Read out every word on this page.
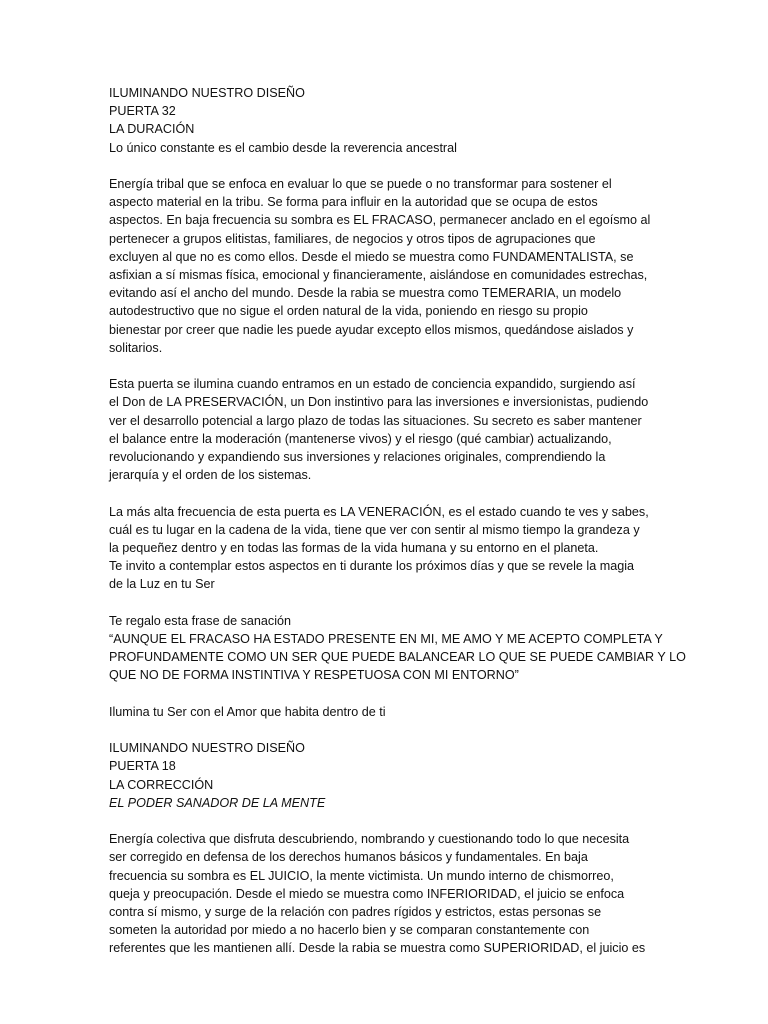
ILUMINANDO NUESTRO DISEÑO
PUERTA 32
LA DURACIÓN
Lo único constante es el cambio desde la reverencia ancestral
Energía tribal que se enfoca en evaluar lo que se puede o no transformar para sostener el
aspecto material en la tribu. Se forma para influir en la autoridad que se ocupa de estos
aspectos. En baja frecuencia su sombra es EL FRACASO, permanecer anclado en el egoísmo al
pertenecer a grupos elitistas, familiares, de negocios y otros tipos de agrupaciones que
excluyen al que no es como ellos. Desde el miedo se muestra como FUNDAMENTALISTA, se
asfixian a sí mismas física, emocional y financieramente, aislándose en comunidades estrechas,
evitando así el ancho del mundo. Desde la rabia se muestra como TEMERARIA, un modelo
autodestructivo que no sigue el orden natural de la vida, poniendo en riesgo su propio
bienestar por creer que nadie les puede ayudar excepto ellos mismos, quedándose aislados y
solitarios.
Esta puerta se ilumina cuando entramos en un estado de conciencia expandido, surgiendo así
el Don de LA PRESERVACIÓN, un Don instintivo para las inversiones e inversionistas, pudiendo
ver el desarrollo potencial a largo plazo de todas las situaciones. Su secreto es saber mantener
el balance entre la moderación (mantenerse vivos) y el riesgo (qué cambiar) actualizando,
revolucionando y expandiendo sus inversiones y relaciones originales, comprendiendo la
jerarquía y el orden de los sistemas.
La más alta frecuencia de esta puerta es LA VENERACIÓN, es el estado cuando te ves y sabes,
cuál es tu lugar en la cadena de la vida, tiene que ver con sentir al mismo tiempo la grandeza y
la pequeñez dentro y en todas las formas de la vida humana y su entorno en el planeta.
Te invito a contemplar estos aspectos en ti durante los próximos días y que se revele la magia
de la Luz en tu Ser
Te regalo esta frase de sanación
“AUNQUE EL FRACASO HA ESTADO PRESENTE EN MI, ME AMO Y ME ACEPTO COMPLETA Y
PROFUNDAMENTE COMO UN SER QUE PUEDE BALANCEAR LO QUE SE PUEDE CAMBIAR Y LO
QUE NO DE FORMA INSTINTIVA Y RESPETUOSA CON MI ENTORNO”
Ilumina tu Ser con el Amor que habita dentro de ti
ILUMINANDO NUESTRO DISEÑO
PUERTA 18
LA CORRECCIÓN
EL PODER SANADOR DE LA MENTE
Energía colectiva que disfruta descubriendo, nombrando y cuestionando todo lo que necesita
ser corregido en defensa de los derechos humanos básicos y fundamentales. En baja
frecuencia su sombra es EL JUICIO, la mente victimista. Un mundo interno de chismorreo,
queja y preocupación. Desde el miedo se muestra como INFERIORIDAD, el juicio se enfoca
contra sí mismo, y surge de la relación con padres rígidos y estrictos, estas personas se
someten la autoridad por miedo a no hacerlo bien y se comparan constantemente con
referentes que les mantienen allí. Desde la rabia se muestra como SUPERIORIDAD, el juicio es
